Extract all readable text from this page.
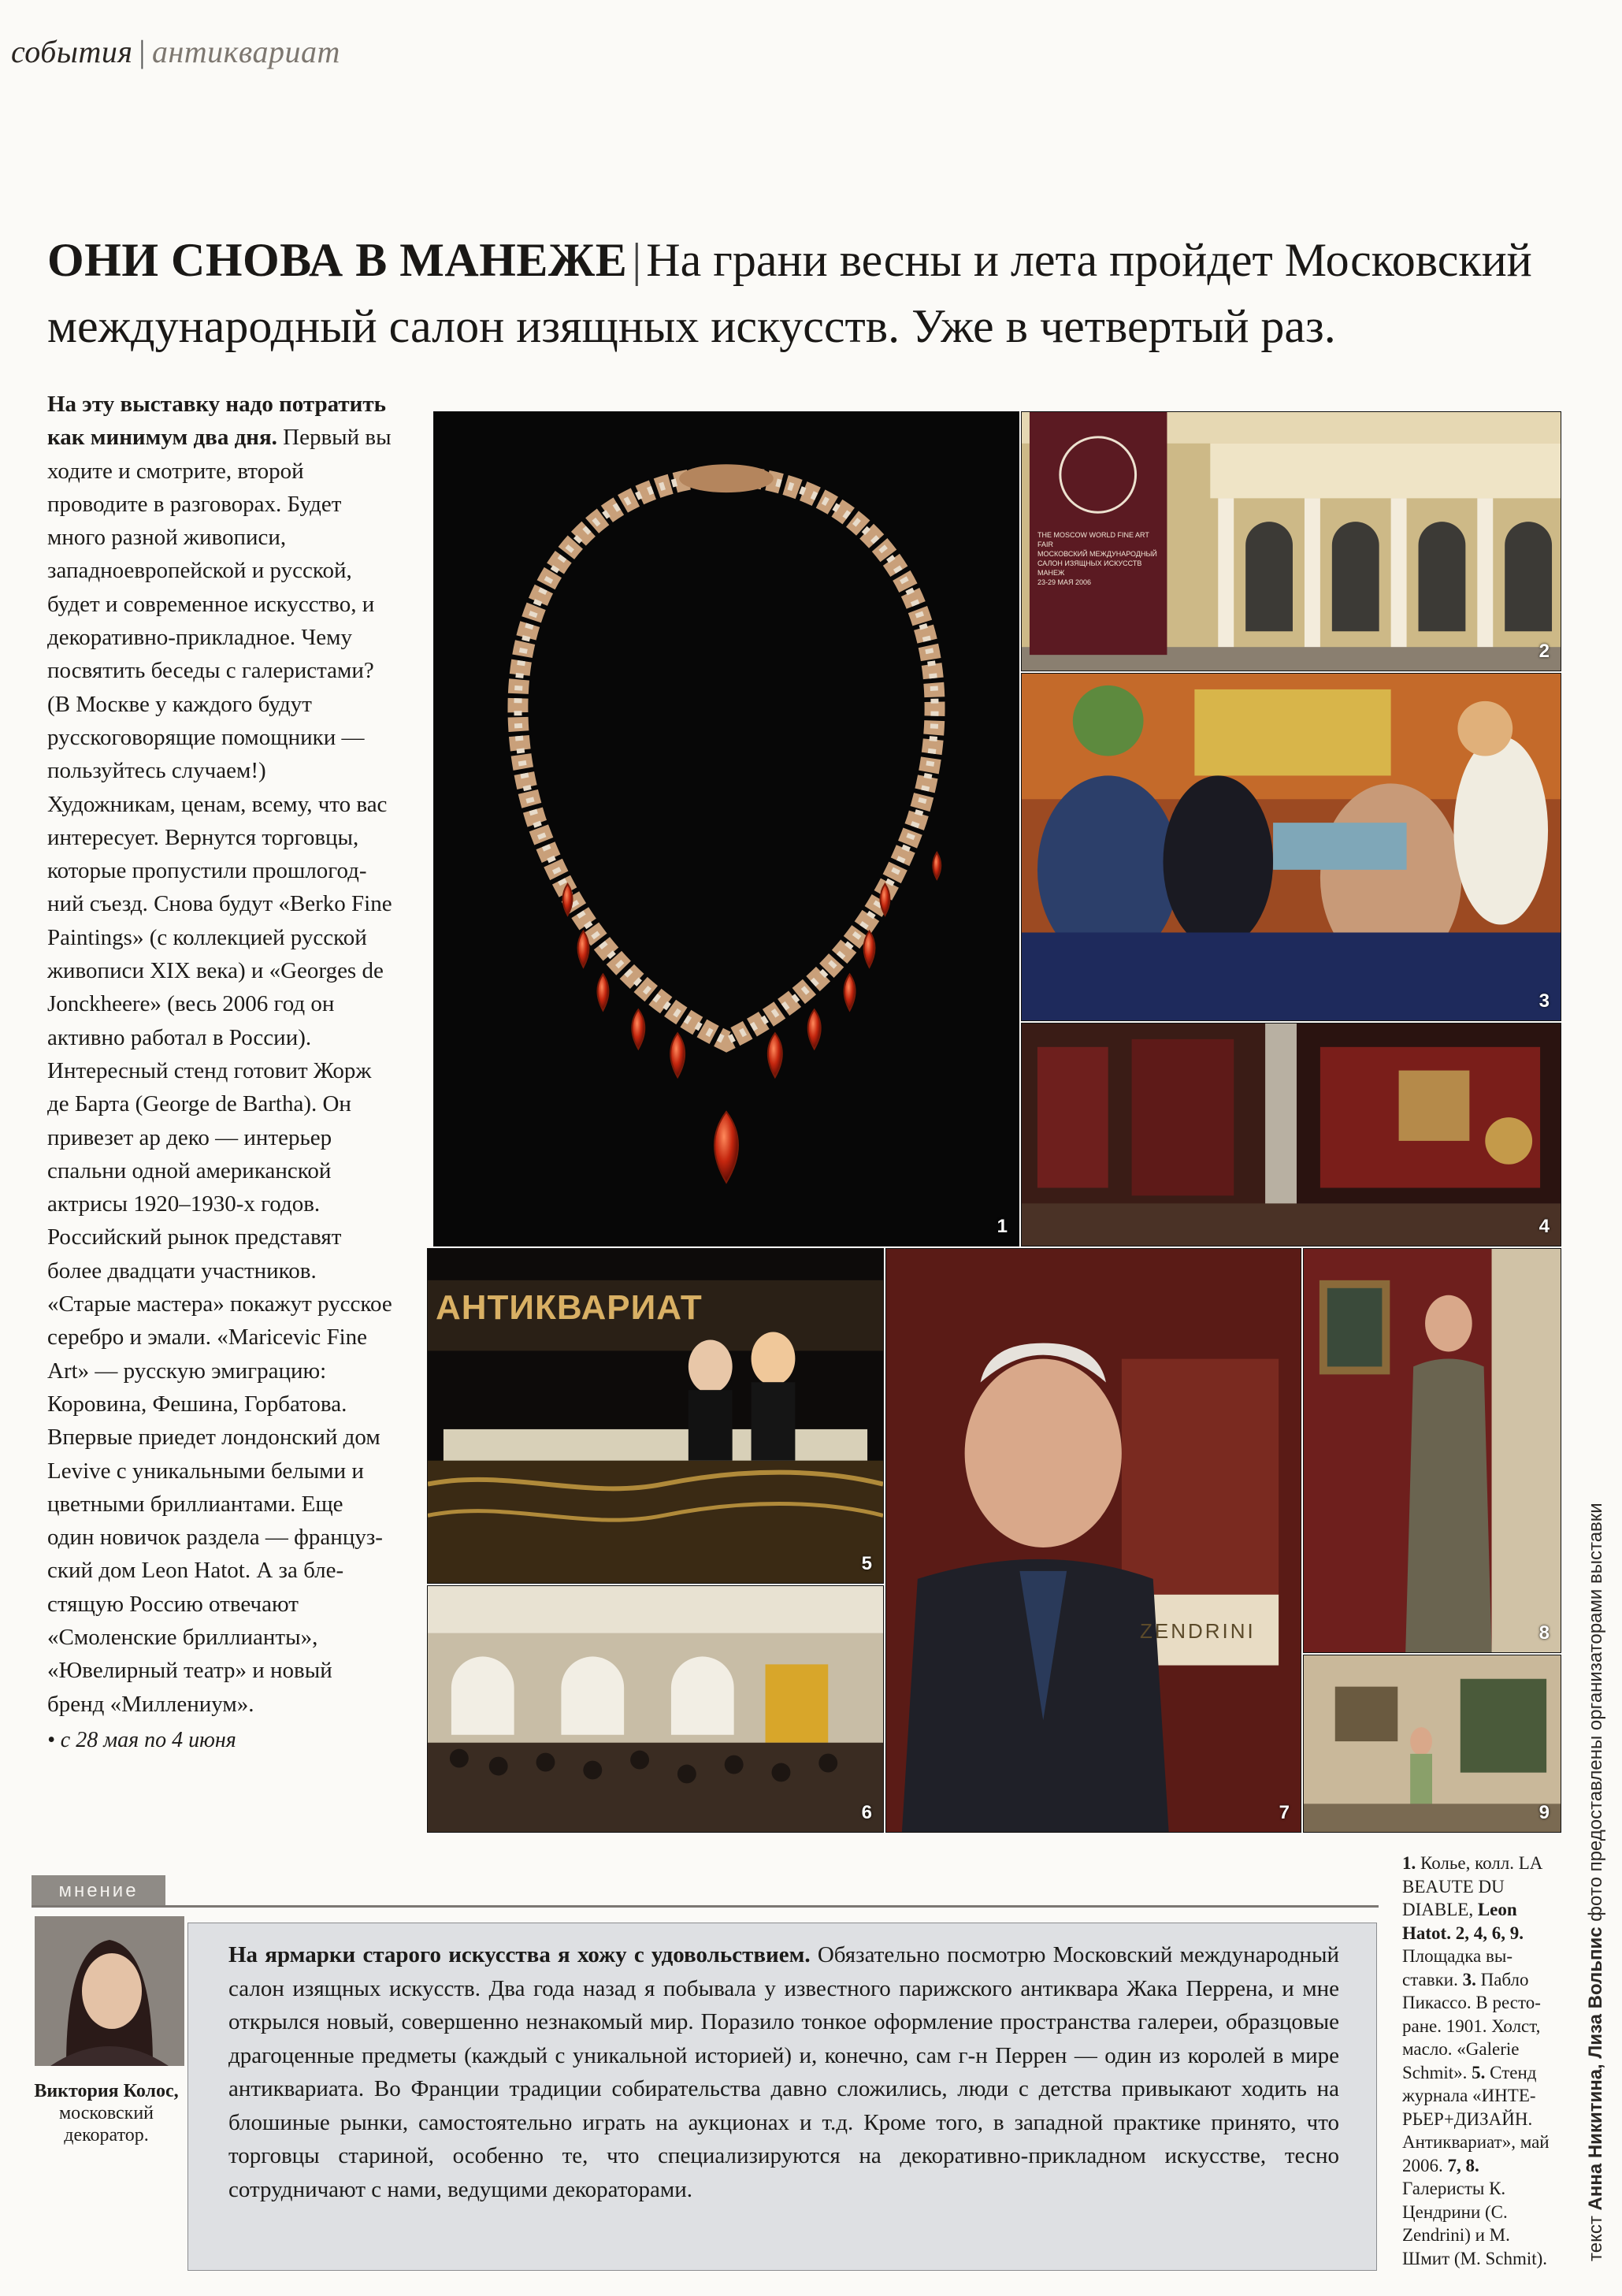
события | антиквариат
ОНИ СНОВА В МАНЕЖЕ | На грани весны и лета пройдет Московский международный салон изящных искусств. Уже в четвертый раз.

На эту выставку надо потратить как минимум два дня. Первый вы ходите и смотрите, второй проводите в разговорах. Будет много разной живописи, западноевропейской и русской, будет и современное искусство, и декоративно-прикладное. Чему посвятить беседы с галеристами? (В Москве у каждого будут русскоговорящие помощники — пользуйтесь случаем!) Художникам, ценам, всему, что вас интересует. Вернутся торговцы, которые пропустили прошлогодний съезд. Снова будут «Berko Fine Paintings» (с коллекцией русской живописи XIX века) и «Georges de Jonckheere» (весь 2006 год он активно работал в России). Интересный стенд готовит Жорж де Барта (George de Bartha). Он привезет ар деко — интерьер спальни одной американской актрисы 1920–1930-х годов. Российский рынок представят более двадцати участников. «Старые мастера» покажут русское серебро и эмали. «Maricevic Fine Art» — русскую эмиграцию: Коровина, Фешина, Горбатова. Впервые приедет лондонский дом Levive с уникальными белыми и цветными бриллиантами. Еще один новичок раздела — французский дом Leon Hatot. А за блестящую Россию отвечают «Смоленские бриллианты», «Ювелирный театр» и новый бренд «Миллениум».

• с 28 мая по 4 июня

1
THE MOSCOW WORLD FINE ART FAIR
МОСКОВСКИЙ МЕЖДУНАРОДНЫЙ
САЛОН ИЗЯЩНЫХ ИСКУССТВ
МАНЕЖ
23-29 МАЯ 2006
2
3
4
АНТИКВАРИАТ
5
6
ZENDRINI
7
8
9
1. Колье, колл. LA BEAUTE DU DIABLE, Leon Hatot. 2, 4, 6, 9. Площадка выставки. 3. Пабло Пикассо. В ресторане. 1901. Холст, масло. «Galerie Schmit». 5. Стенд журнала «ИНТЕРЬЕР+ДИЗАЙН. Антиквариат», май 2006. 7, 8. Галеристы К. Цендрини (C. Zendrini) и М. Шмит (M. Schmit).	текст Анна Никитина, Лиза Вольпис фото предоставлены организаторами выставки
мнение
Виктория Колос,
московский декоратор.
На ярмарки старого искусства я хожу с удовольствием. Обязательно посмотрю Московский международный салон изящных искусств. Два года назад я побывала у известного парижского антиквара Жака Перрена, и мне открылся новый, совершенно незнакомый мир. Поразило тонкое оформление пространства галереи, образцовые драгоценные предметы (каждый с уникальной историей) и, конечно, сам г-н Перрен — один из королей в мире антиквариата. Во Франции традиции собирательства давно сложились, люди с детства привыкают ходить на блошиные рынки, самостоятельно играть на аукционах и т.д. Кроме того, в западной практике принято, что торговцы стариной, особенно те, что специализируются на декоративно-прикладном искусстве, тесно сотрудничают с нами, ведущими декораторами.
